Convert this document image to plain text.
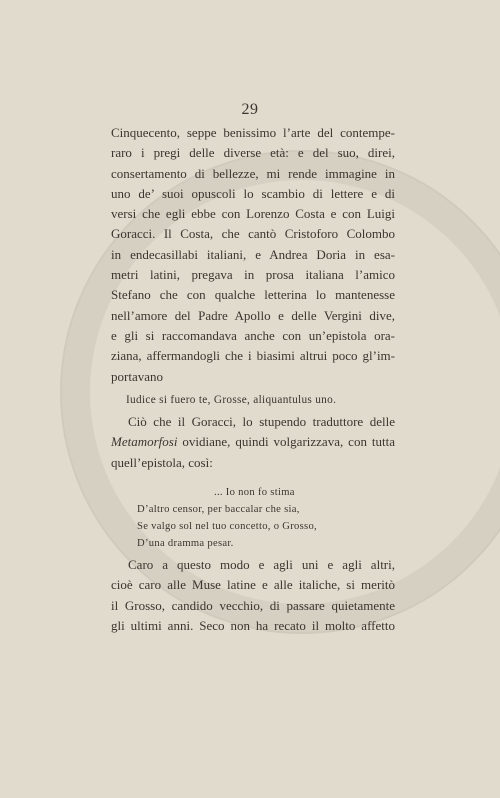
29
Cinquecento, seppe benissimo l’arte del contempe-
raro i pregi delle diverse età: e del suo, direi,
consertamento di bellezze, mi rende immagine in
uno de’ suoi opuscoli lo scambio di lettere e di
versi che egli ebbe con Lorenzo Costa e con Luigi
Goracci. Il Costa, che cantò Cristoforo Colombo
in endecasillabi italiani, e Andrea Doria in esa-
metri latini, pregava in prosa italiana l’amico
Stefano che con qualche letterina lo mantenesse
nell’amore del Padre Apollo e delle Vergini dive,
e gli si raccomandava anche con un’epistola ora-
ziana, affermandogli che i biasimi altrui poco gl’im-
portavano
Iudice si fuero te, Grosse, aliquantulus uno.
Ciò che il Goracci, lo stupendo traduttore delle
Metamorfosi ovidiane, quindi volgarizzava, con tutta
quell’epistola, così:
... Io non fo stima
D’altro censor, per baccalar che sia,
Se valgo sol nel tuo concetto, o Grosso,
D’una dramma pesar.
Caro a questo modo e agli uni e agli altri,
cioè caro alle Muse latine e alle italiche, si meritò
il Grosso, candido vecchio, di passare quietamente
gli ultimi anni. Seco non ha recato il molto affetto
